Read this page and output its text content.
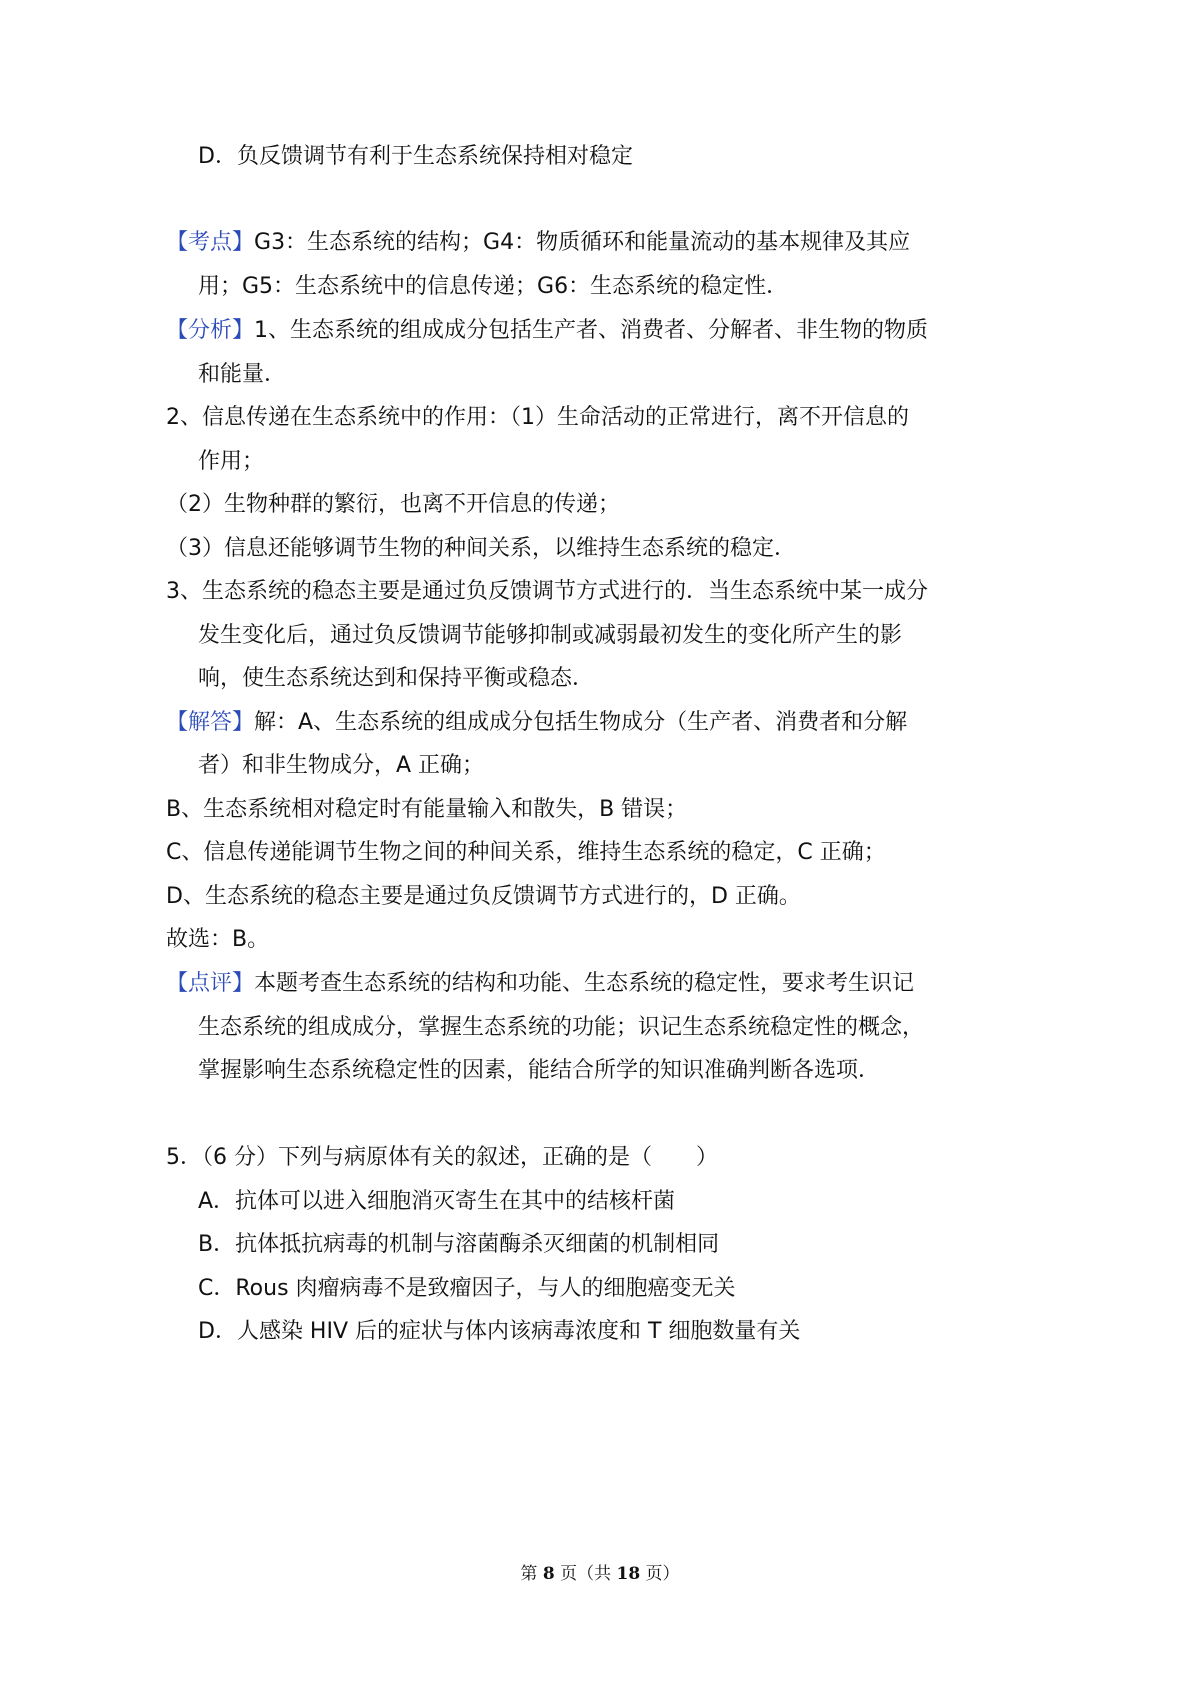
D．负反馈调节有利于生态系统保持相对稳定
【考点】G3：生态系统的结构；G4：物质循环和能量流动的基本规律及其应
用；G5：生态系统中的信息传递；G6：生态系统的稳定性．
【分析】1、生态系统的组成成分包括生产者、消费者、分解者、非生物的物质
和能量．
2、信息传递在生态系统中的作用：（1）生命活动的正常进行，离不开信息的
作用；
（2）生物种群的繁衍，也离不开信息的传递；
（3）信息还能够调节生物的种间关系，以维持生态系统的稳定．
3、生态系统的稳态主要是通过负反馈调节方式进行的．当生态系统中某一成分
发生变化后，通过负反馈调节能够抑制或减弱最初发生的变化所产生的影
响，使生态系统达到和保持平衡或稳态．
【解答】解：A、生态系统的组成成分包括生物成分（生产者、消费者和分解
者）和非生物成分，A 正确；
B、生态系统相对稳定时有能量输入和散失，B 错误；
C、信息传递能调节生物之间的种间关系，维持生态系统的稳定，C 正确；
D、生态系统的稳态主要是通过负反馈调节方式进行的，D 正确。
故选：B。
【点评】本题考查生态系统的结构和功能、生态系统的稳定性，要求考生识记
生态系统的组成成分，掌握生态系统的功能；识记生态系统稳定性的概念，
掌握影响生态系统稳定性的因素，能结合所学的知识准确判断各选项．
5．（6 分）下列与病原体有关的叙述，正确的是（　　）
A．抗体可以进入细胞消灭寄生在其中的结核杆菌
B．抗体抵抗病毒的机制与溶菌酶杀灭细菌的机制相同
C．Rous 肉瘤病毒不是致瘤因子，与人的细胞癌变无关
D．人感染 HIV 后的症状与体内该病毒浓度和 T 细胞数量有关
第 8 页（共 18 页）
